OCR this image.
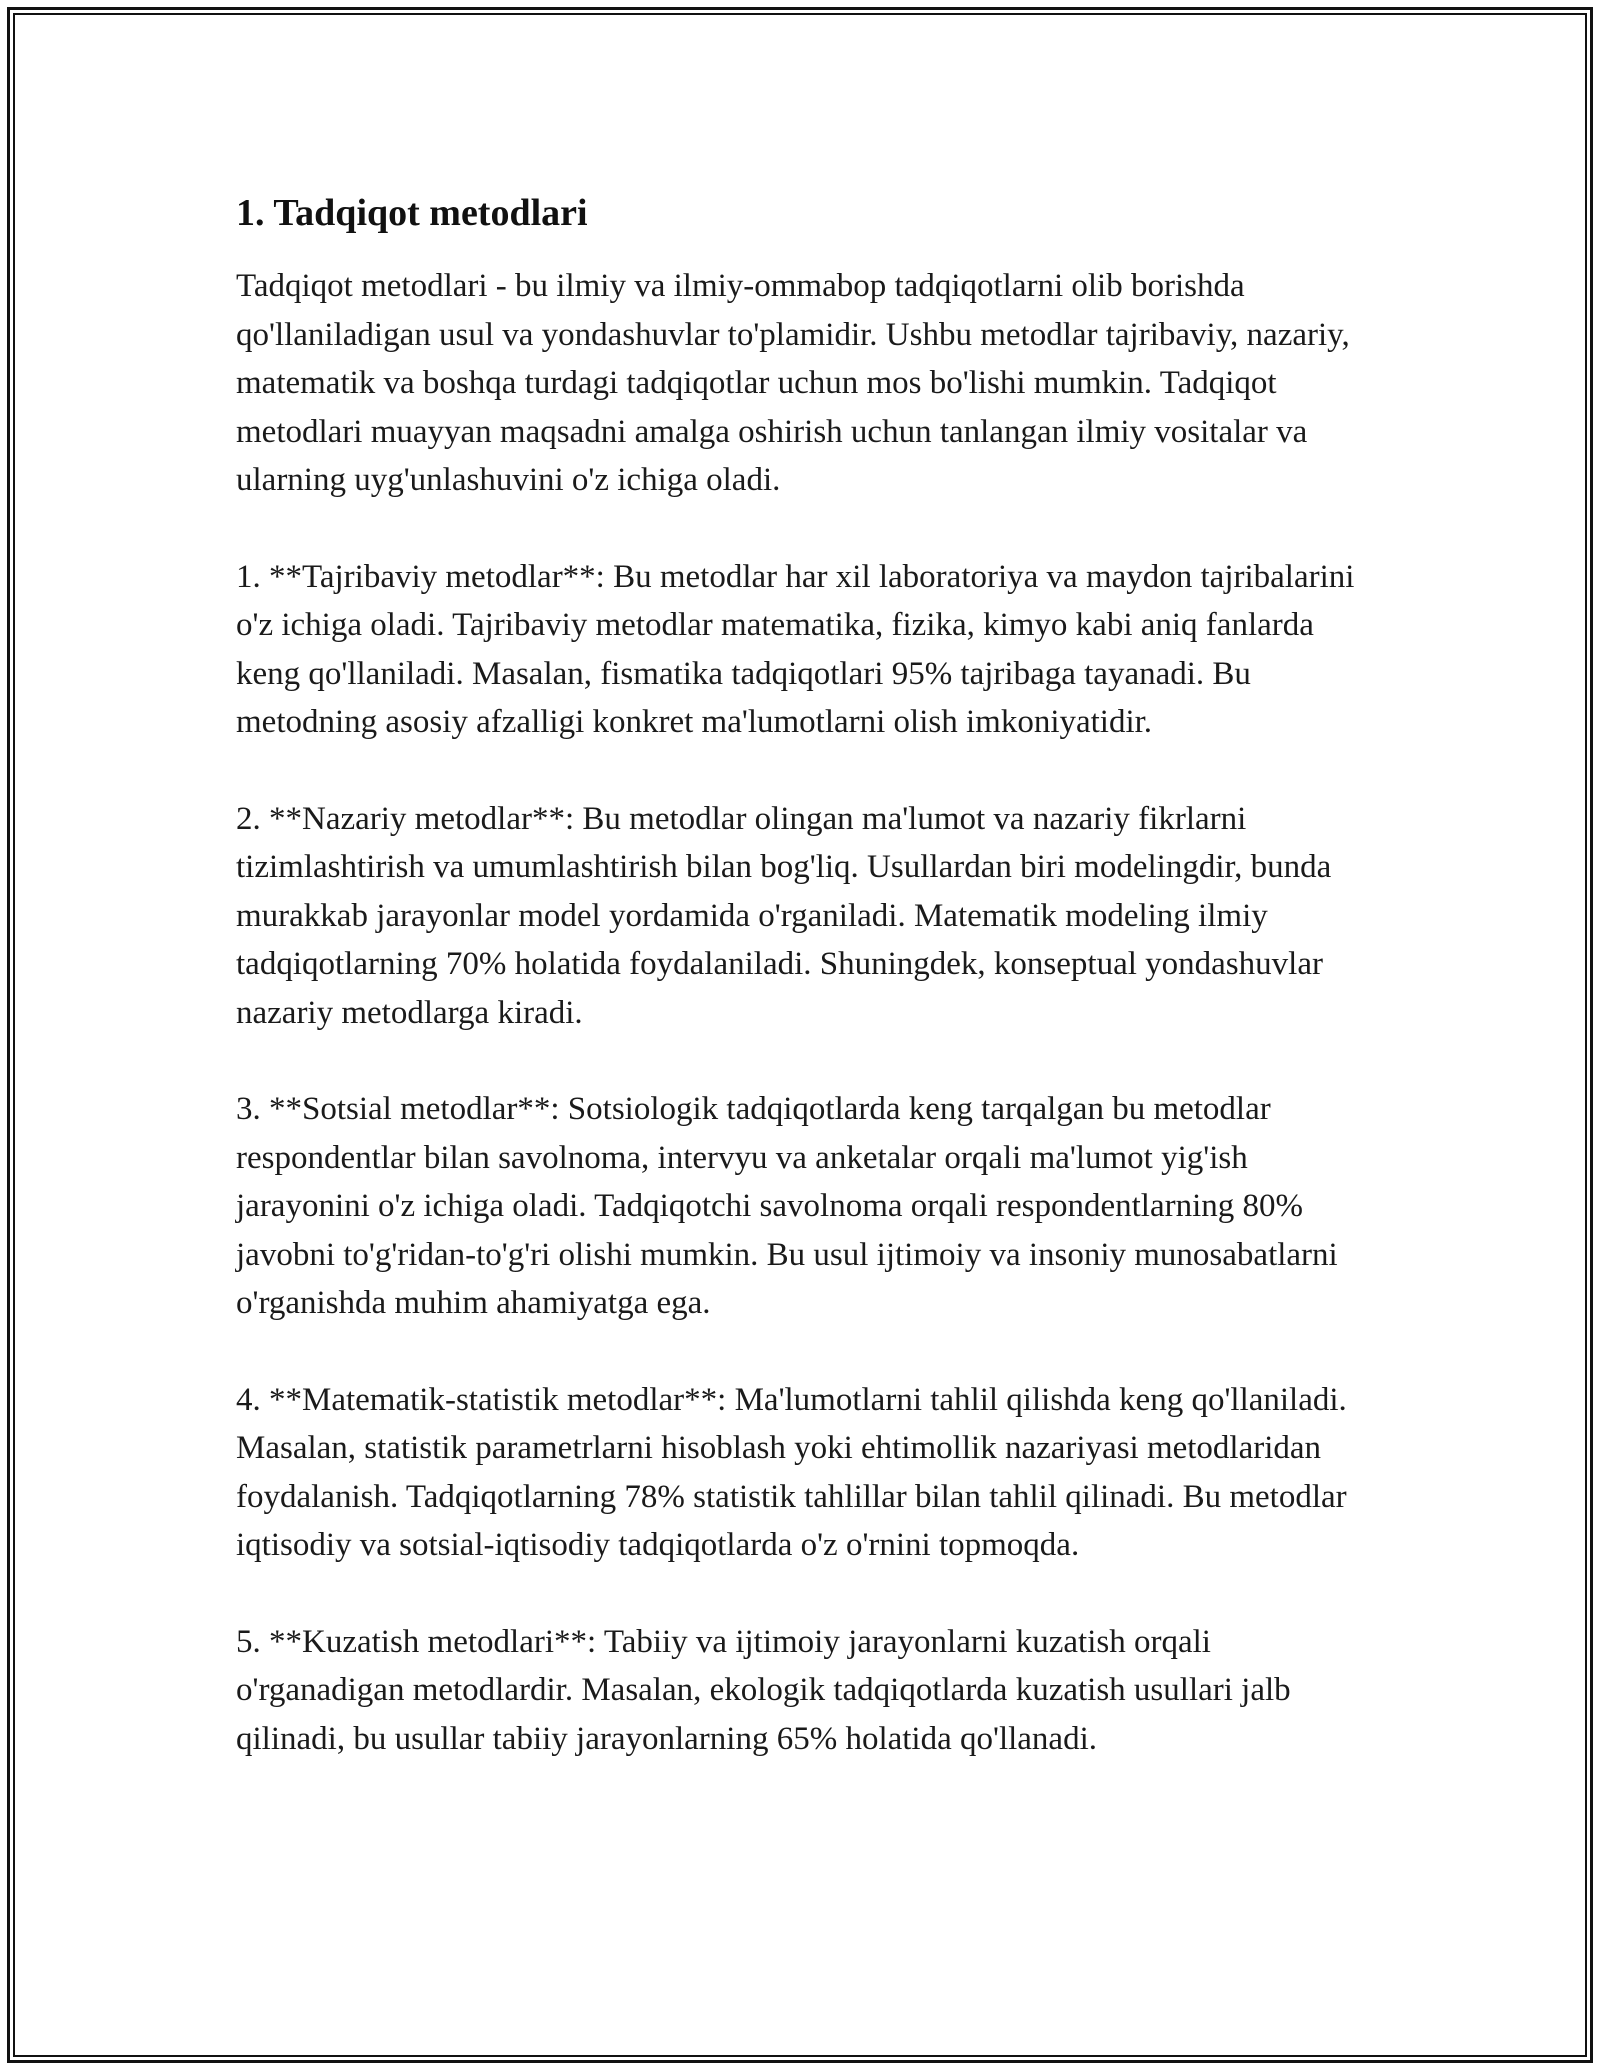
1. Tadqiqot metodlari

Tadqiqot metodlari - bu ilmiy va ilmiy-ommabop tadqiqotlarni olib borishda qo'llaniladigan usul va yondashuvlar to'plamidir. Ushbu metodlar tajribaviy, nazariy, matematik va boshqa turdagi tadqiqotlar uchun mos bo'lishi mumkin. Tadqiqot metodlari muayyan maqsadni amalga oshirish uchun tanlangan ilmiy vositalar va ularning uyg'unlashuvini o'z ichiga oladi.

1. **Tajribaviy metodlar**: Bu metodlar har xil laboratoriya va maydon tajribalarini o'z ichiga oladi. Tajribaviy metodlar matematika, fizika, kimyo kabi aniq fanlarda keng qo'llaniladi. Masalan, fismatika tadqiqotlari 95% tajribaga tayanadi. Bu metodning asosiy afzalligi konkret ma'lumotlarni olish imkoniyatidir.

2. **Nazariy metodlar**: Bu metodlar olingan ma'lumot va nazariy fikrlarni tizimlashtirish va umumlashtirish bilan bog'liq. Usullardan biri modelingdir, bunda murakkab jarayonlar model yordamida o'rganiladi. Matematik modeling ilmiy tadqiqotlarning 70% holatida foydalaniladi. Shuningdek, konseptual yondashuvlar nazariy metodlarga kiradi.

3. **Sotsial metodlar**: Sotsiologik tadqiqotlarda keng tarqalgan bu metodlar respondentlar bilan savolnoma, intervyu va anketalar orqali ma'lumot yig'ish jarayonini o'z ichiga oladi. Tadqiqotchi savolnoma orqali respondentlarning 80% javobni to'g'ridan-to'g'ri olishi mumkin. Bu usul ijtimoiy va insoniy munosabatlarni o'rganishda muhim ahamiyatga ega.

4. **Matematik-statistik metodlar**: Ma'lumotlarni tahlil qilishda keng qo'llaniladi. Masalan, statistik parametrlarni hisoblash yoki ehtimollik nazariyasi metodlaridan foydalanish. Tadqiqotlarning 78% statistik tahlillar bilan tahlil qilinadi. Bu metodlar iqtisodiy va sotsial-iqtisodiy tadqiqotlarda o'z o'rnini topmoqda.

5. **Kuzatish metodlari**: Tabiiy va ijtimoiy jarayonlarni kuzatish orqali o'rganadigan metodlardir. Masalan, ekologik tadqiqotlarda kuzatish usullari jalb qilinadi, bu usullar tabiiy jarayonlarning 65% holatida qo'llanadi.
